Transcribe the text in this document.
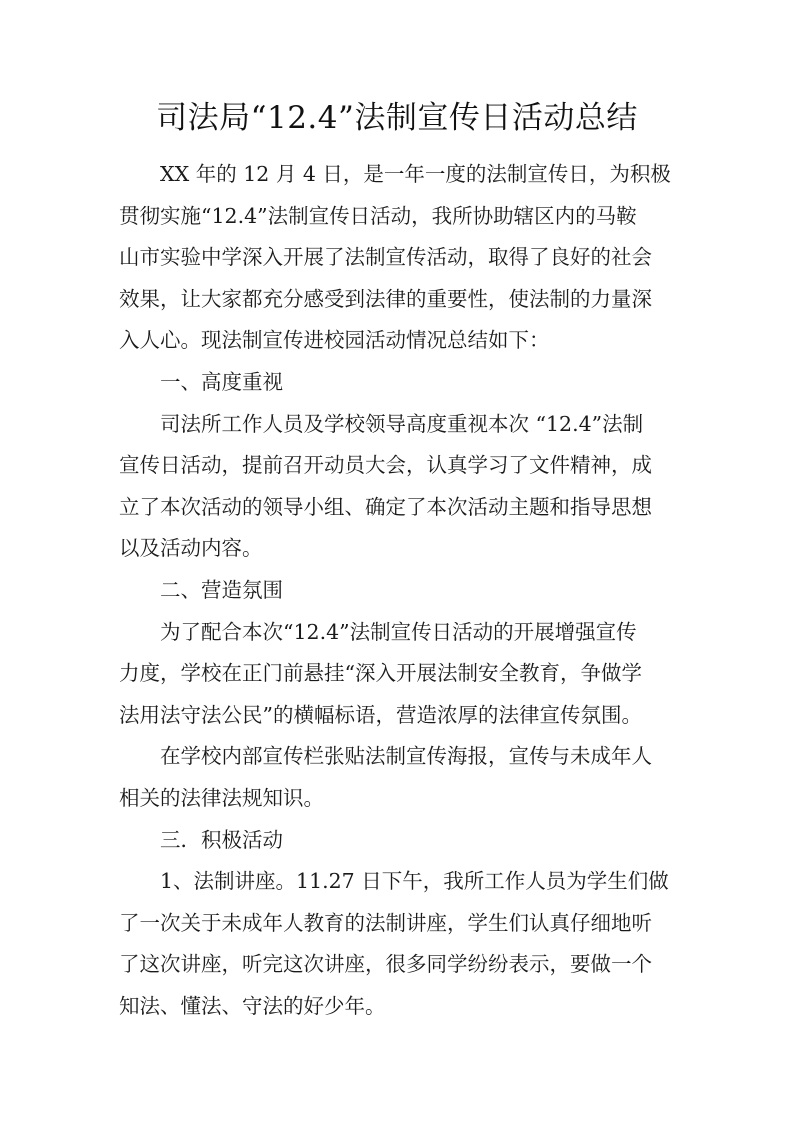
司法局“12.4”法制宣传日活动总结
XX 年的 12 月 4 日，是一年一度的法制宣传日，为积极
贯彻实施“12.4”法制宣传日活动，我所协助辖区内的马鞍
山市实验中学深入开展了法制宣传活动，取得了良好的社会
效果，让大家都充分感受到法律的重要性，使法制的力量深
入人心。现法制宣传进校园活动情况总结如下：
一、高度重视
司法所工作人员及学校领导高度重视本次 “12.4”法制
宣传日活动，提前召开动员大会，认真学习了文件精神，成
立了本次活动的领导小组、确定了本次活动主题和指导思想
以及活动内容。
二、营造氛围
为了配合本次“12.4”法制宣传日活动的开展增强宣传
力度，学校在正门前悬挂“深入开展法制安全教育，争做学
法用法守法公民”的横幅标语，营造浓厚的法律宣传氛围。
在学校内部宣传栏张贴法制宣传海报，宣传与未成年人
相关的法律法规知识。
三．积极活动
1、法制讲座。11.27 日下午，我所工作人员为学生们做
了一次关于未成年人教育的法制讲座，学生们认真仔细地听
了这次讲座，听完这次讲座，很多同学纷纷表示，要做一个
知法、懂法、守法的好少年。
